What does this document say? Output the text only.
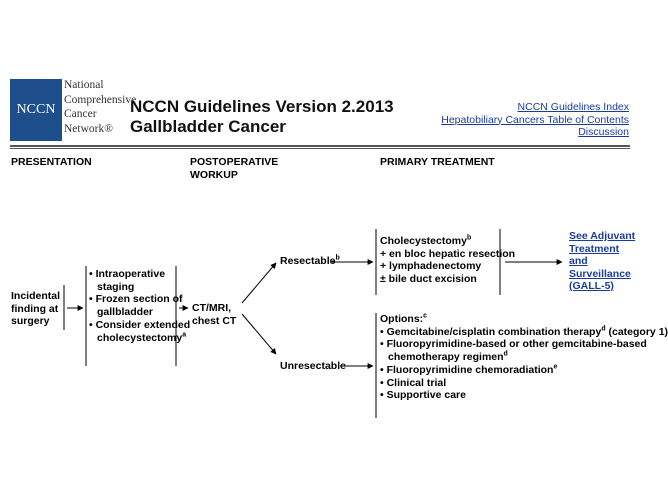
NCCN
National
Comprehensive
Cancer
Network®
NCCN Guidelines Version 2.2013
Gallbladder Cancer
NCCN Guidelines Index
Hepatobiliary Cancers Table of Contents
Discussion
PRESENTATION	POSTOPERATIVE
WORKUP
PRIMARY TREATMENT
Incidental
finding at
surgery
• Intraoperative
staging
• Frozen section of
gallbladder
• Consider extended
cholecystectomy$^a$
CT/MRI,
chest CT
Resectable$^b$
Unresectable
Cholecystectomy$^b$
+ en bloc hepatic resection
+ lymphadenectomy
± bile duct excision
See Adjuvant
Treatment
and
Surveillance
(GALL-5)
Options:$^c$
• Gemcitabine/cisplatin combination therapy$^d$ (category 1)
• Fluoropyrimidine-based or other gemcitabine-based
chemotherapy regimen$^d$
• Fluoropyrimidine chemoradiation$^e$
• Clinical trial
• Supportive care
